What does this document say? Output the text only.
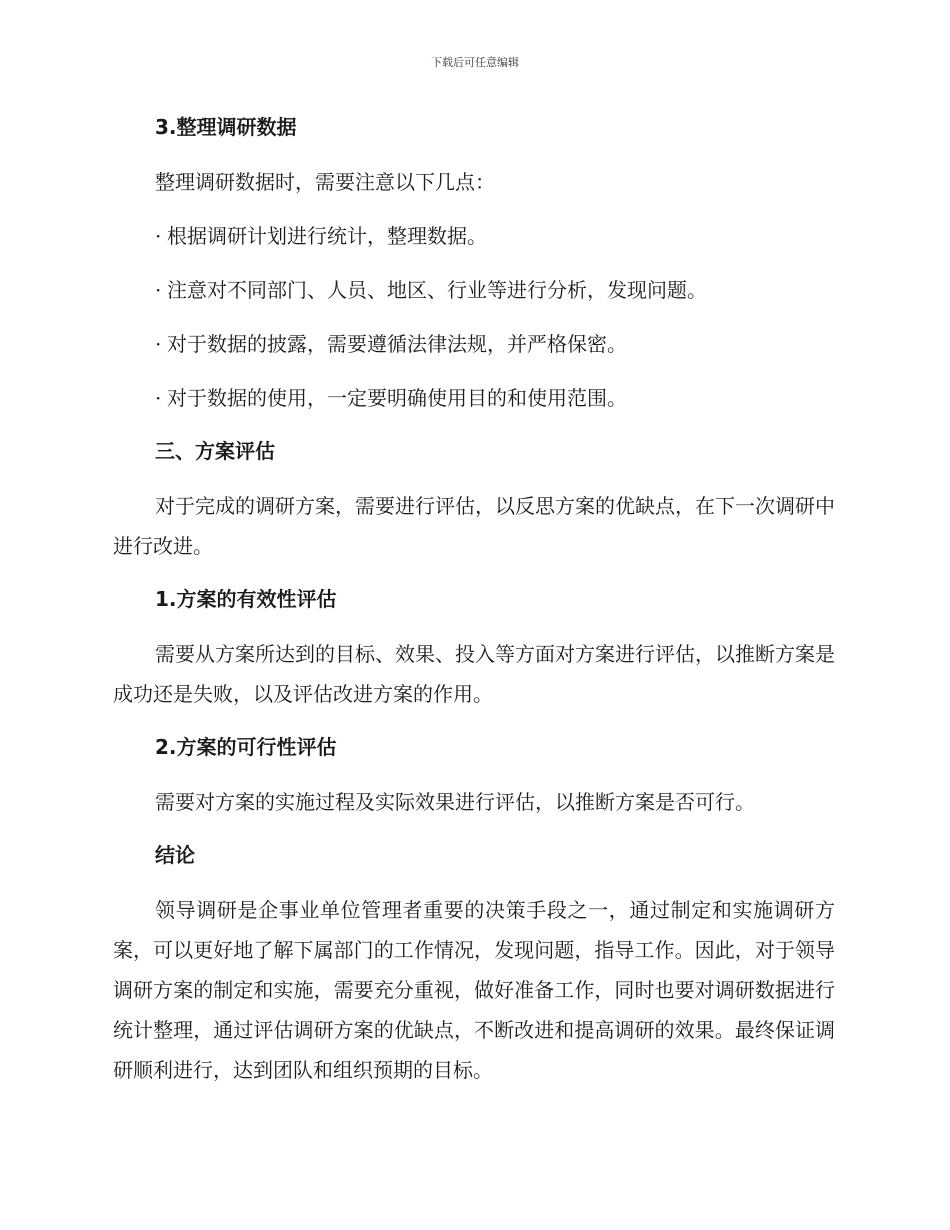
下载后可任意编辑
3.整理调研数据
整理调研数据时，需要注意以下几点：
· 根据调研计划进行统计，整理数据。
· 注意对不同部门、人员、地区、行业等进行分析，发现问题。
· 对于数据的披露，需要遵循法律法规，并严格保密。
· 对于数据的使用，一定要明确使用目的和使用范围。
三、方案评估
对于完成的调研方案，需要进行评估，以反思方案的优缺点，在下一次调研中进行改进。
1.方案的有效性评估
需要从方案所达到的目标、效果、投入等方面对方案进行评估，以推断方案是成功还是失败，以及评估改进方案的作用。
2.方案的可行性评估
需要对方案的实施过程及实际效果进行评估，以推断方案是否可行。
结论
领导调研是企事业单位管理者重要的决策手段之一，通过制定和实施调研方案，可以更好地了解下属部门的工作情况，发现问题，指导工作。因此，对于领导调研方案的制定和实施，需要充分重视，做好准备工作，同时也要对调研数据进行统计整理，通过评估调研方案的优缺点，不断改进和提高调研的效果。最终保证调研顺利进行，达到团队和组织预期的目标。
